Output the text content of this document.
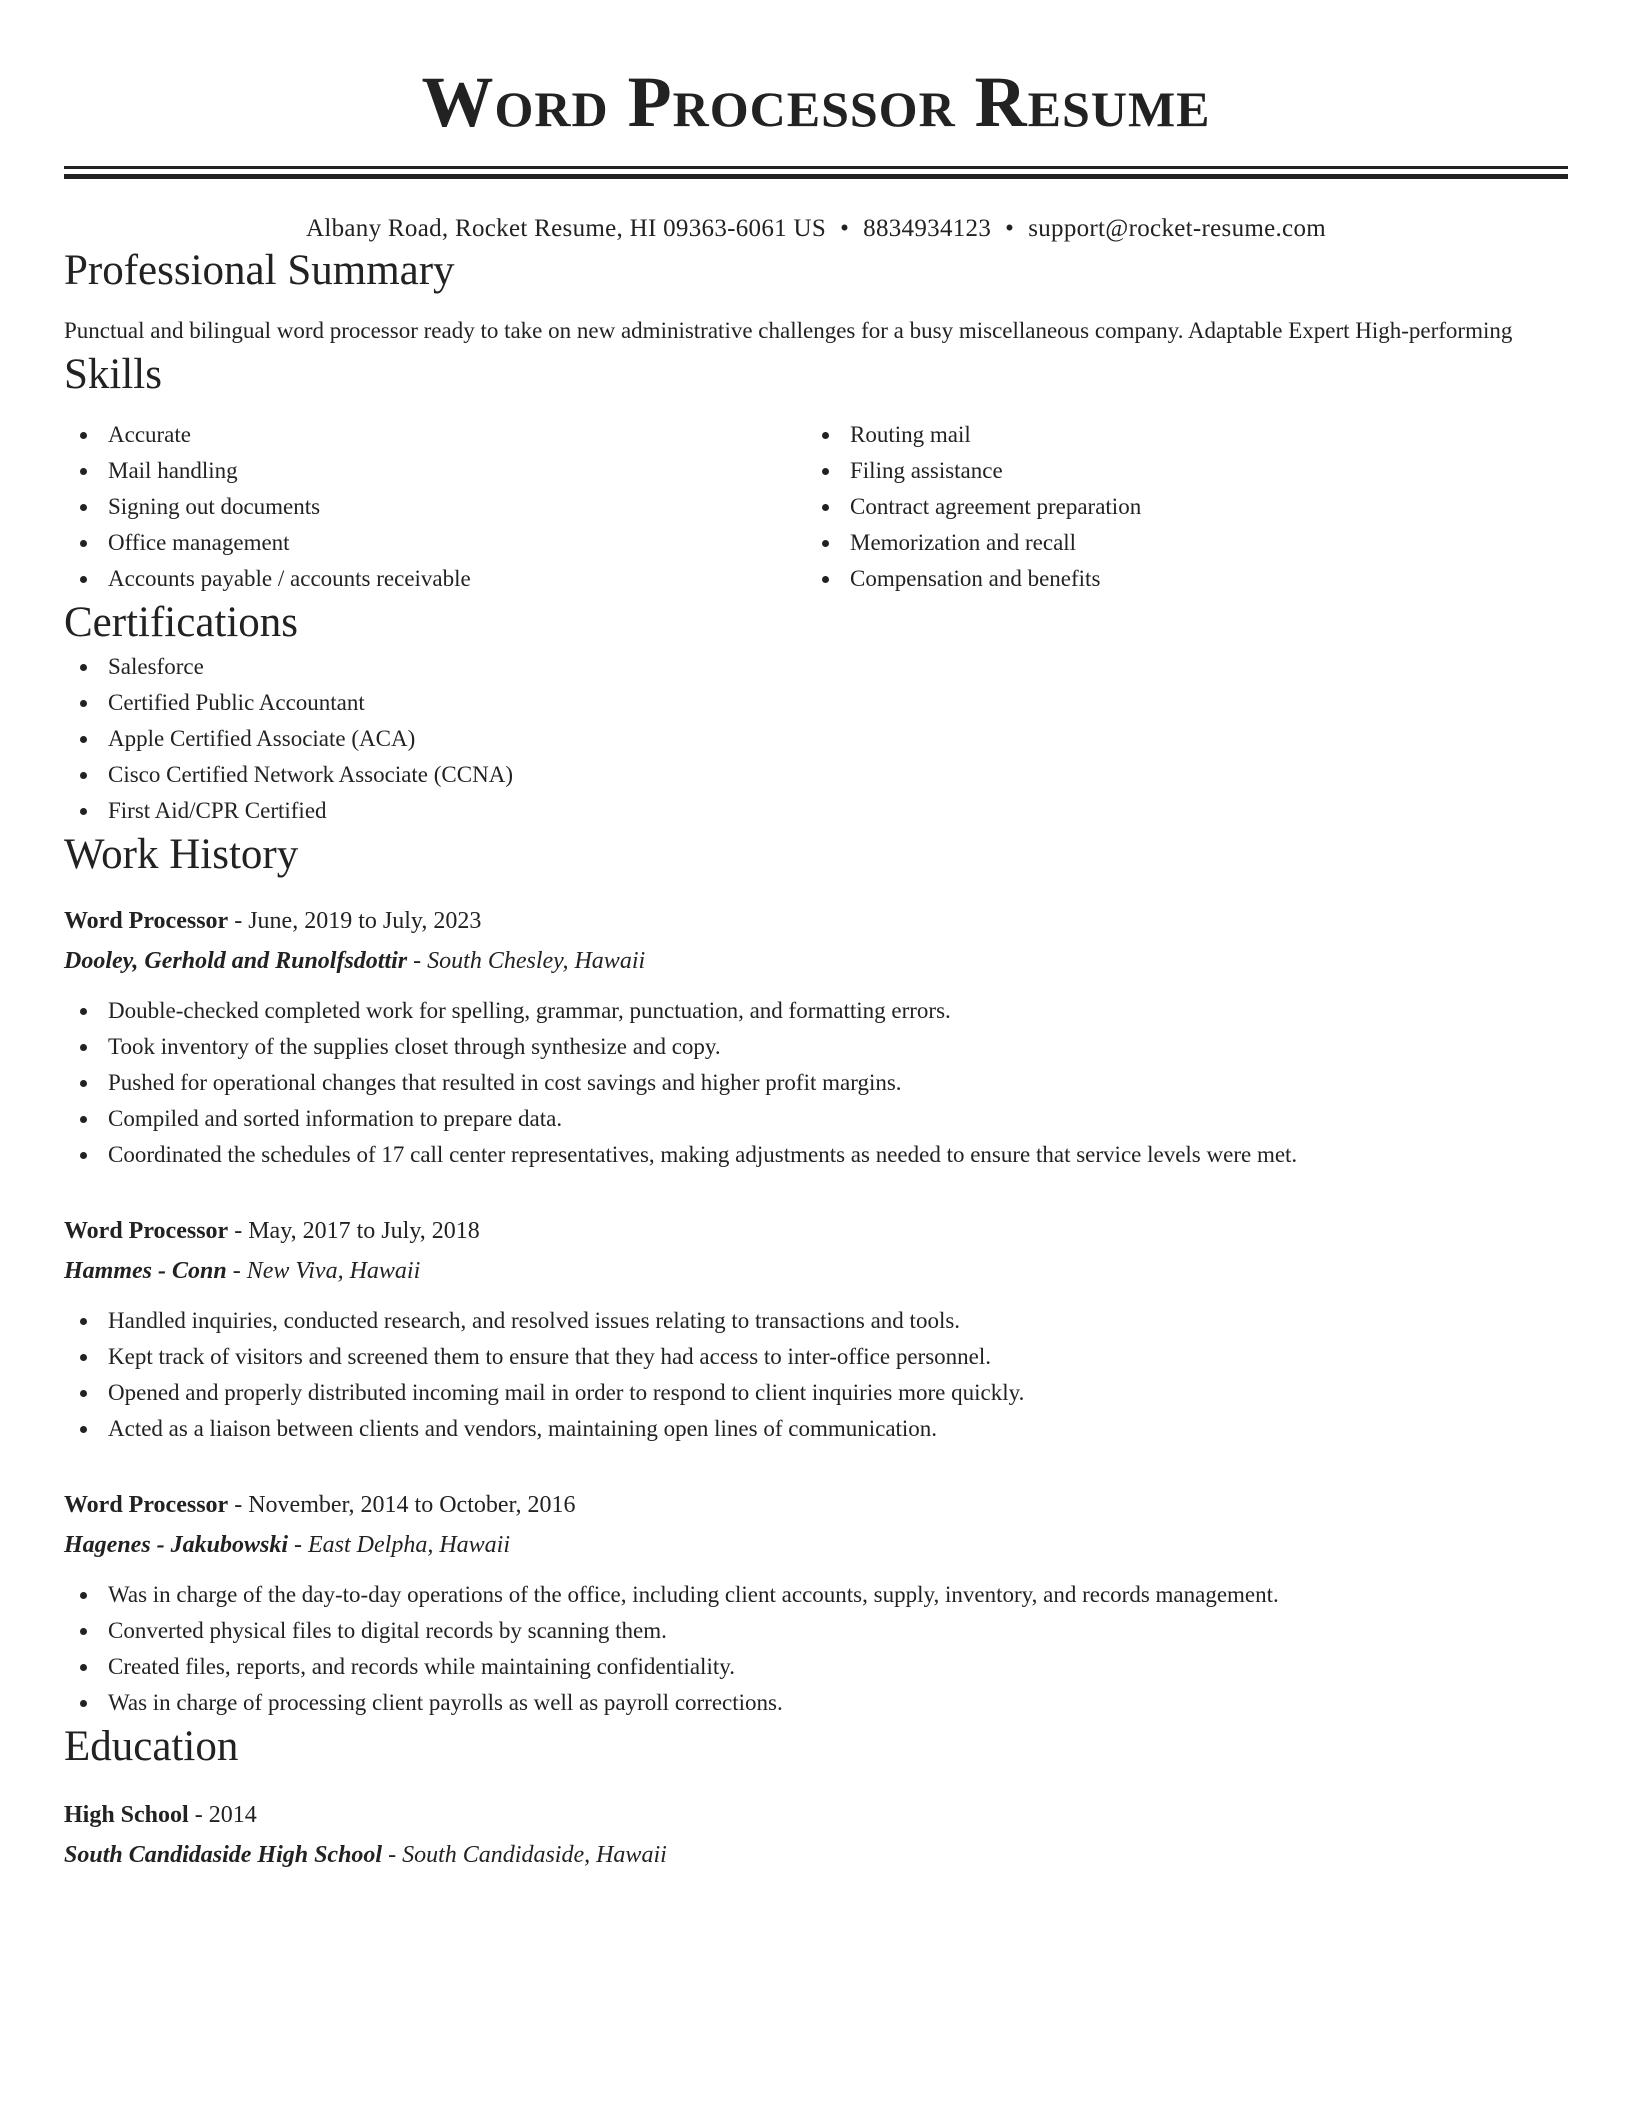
Word Processor Resume
Albany Road, Rocket Resume, HI 09363-6061 US • 8834934123 • support@rocket-resume.com
Professional Summary

Punctual and bilingual word processor ready to take on new administrative challenges for a busy miscellaneous company. Adaptable Expert High-performing

Skills
Accurate
Mail handling
Signing out documents
Office management
Accounts payable / accounts receivable
Routing mail
Filing assistance
Contract agreement preparation
Memorization and recall
Compensation and benefits
Certifications
Salesforce
Certified Public Accountant
Apple Certified Associate (ACA)
Cisco Certified Network Associate (CCNA)
First Aid/CPR Certified
Work History
Word Processor - June, 2019 to July, 2023
Dooley, Gerhold and Runolfsdottir - South Chesley, Hawaii
Double-checked completed work for spelling, grammar, punctuation, and formatting errors.
Took inventory of the supplies closet through synthesize and copy.
Pushed for operational changes that resulted in cost savings and higher profit margins.
Compiled and sorted information to prepare data.
Coordinated the schedules of 17 call center representatives, making adjustments as needed to ensure that service levels were met.
Word Processor - May, 2017 to July, 2018
Hammes - Conn - New Viva, Hawaii
Handled inquiries, conducted research, and resolved issues relating to transactions and tools.
Kept track of visitors and screened them to ensure that they had access to inter-office personnel.
Opened and properly distributed incoming mail in order to respond to client inquiries more quickly.
Acted as a liaison between clients and vendors, maintaining open lines of communication.
Word Processor - November, 2014 to October, 2016
Hagenes - Jakubowski - East Delpha, Hawaii
Was in charge of the day-to-day operations of the office, including client accounts, supply, inventory, and records management.
Converted physical files to digital records by scanning them.
Created files, reports, and records while maintaining confidentiality.
Was in charge of processing client payrolls as well as payroll corrections.
Education
High School - 2014
South Candidaside High School - South Candidaside, Hawaii
